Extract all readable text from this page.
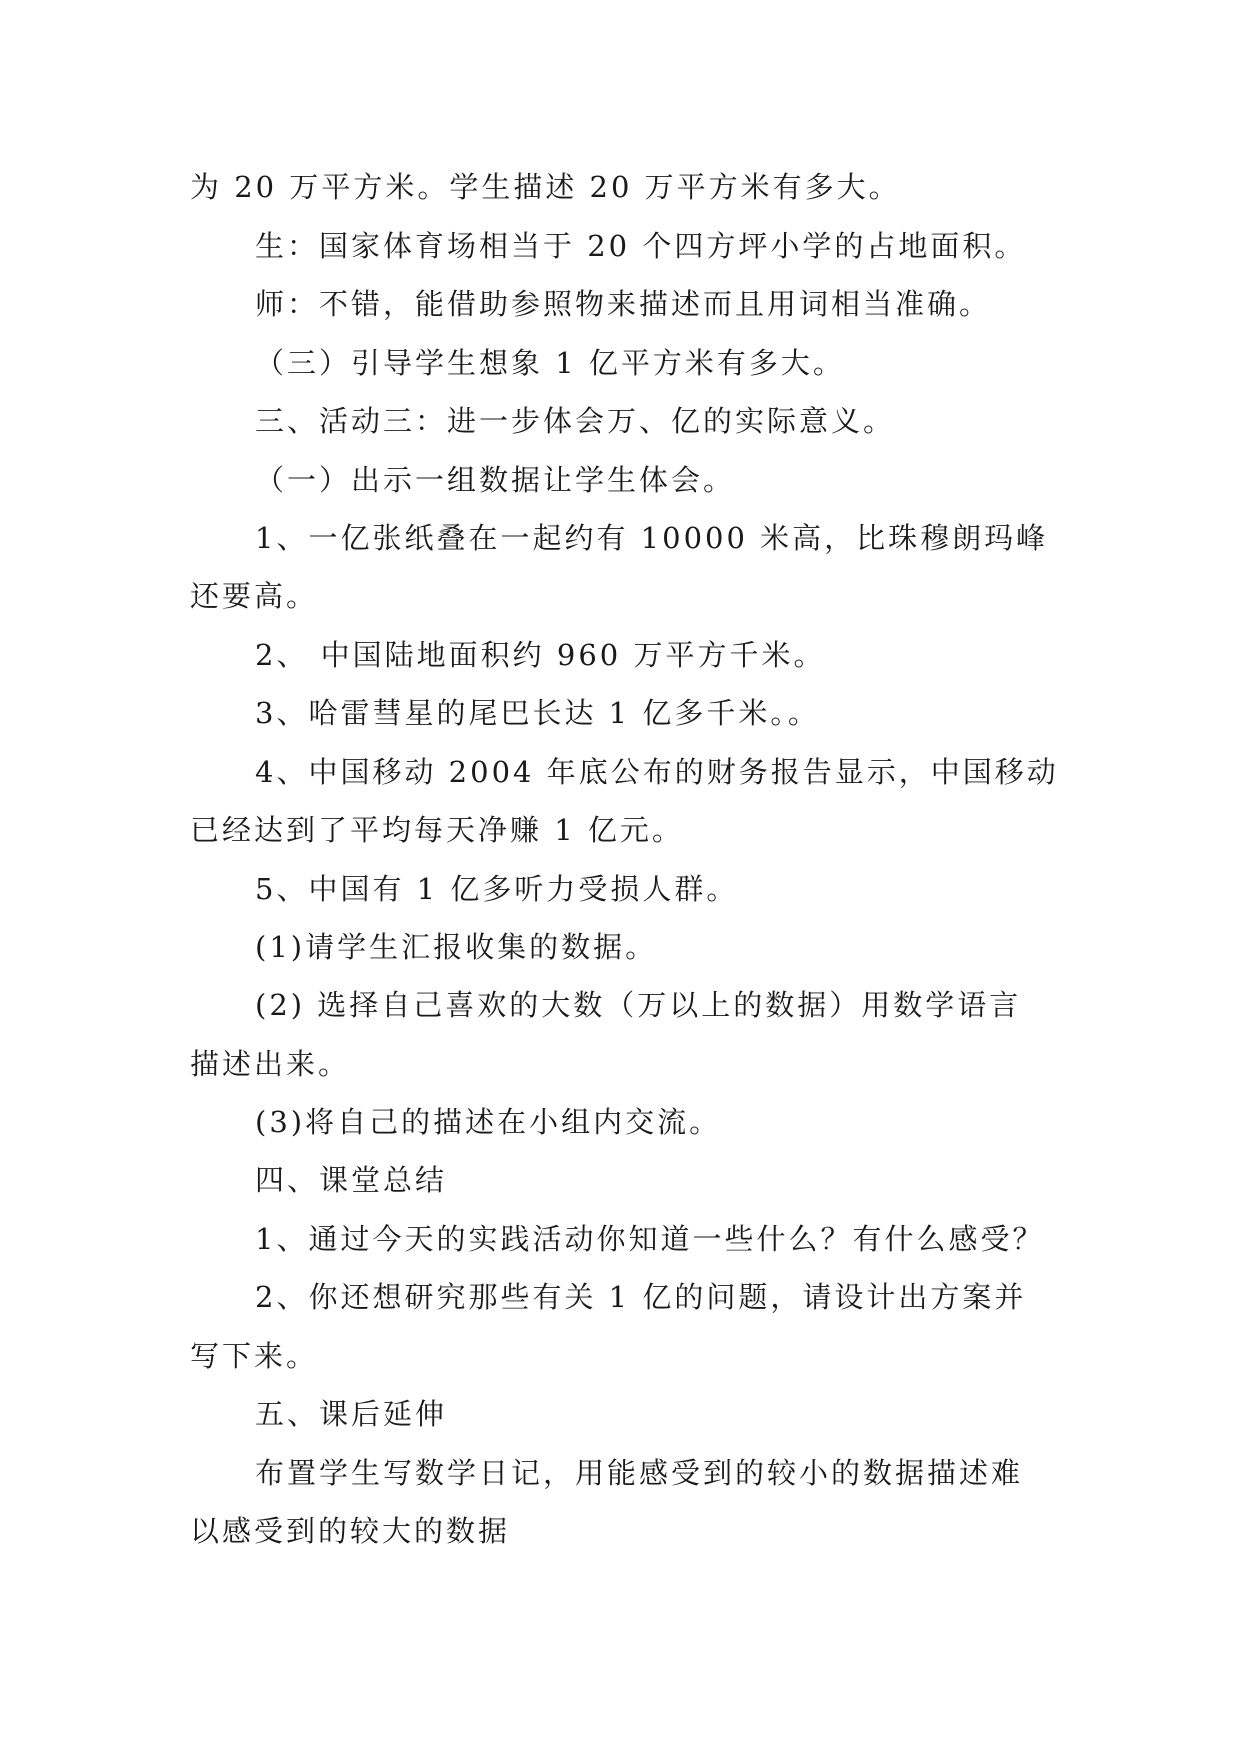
为 20 万平方米。学生描述 20 万平方米有多大。
生：国家体育场相当于 20 个四方坪小学的占地面积。
师：不错，能借助参照物来描述而且用词相当准确。
（三）引导学生想象 1 亿平方米有多大。
三、活动三：进一步体会万、亿的实际意义。
（一）出示一组数据让学生体会。
1、一亿张纸叠在一起约有 10000 米高，比珠穆朗玛峰
还要高。
2、 中国陆地面积约 960 万平方千米。
3、哈雷彗星的尾巴长达 1 亿多千米。。
4、中国移动 2004 年底公布的财务报告显示，中国移动
已经达到了平均每天净赚 1 亿元。
5、中国有 1 亿多听力受损人群。
(1)请学生汇报收集的数据。
(2) 选择自己喜欢的大数（万以上的数据）用数学语言
描述出来。
(3)将自己的描述在小组内交流。
四、课堂总结
1、通过今天的实践活动你知道一些什么？有什么感受？
2、你还想研究那些有关 1 亿的问题，请设计出方案并
写下来。
五、课后延伸
布置学生写数学日记，用能感受到的较小的数据描述难
以感受到的较大的数据
